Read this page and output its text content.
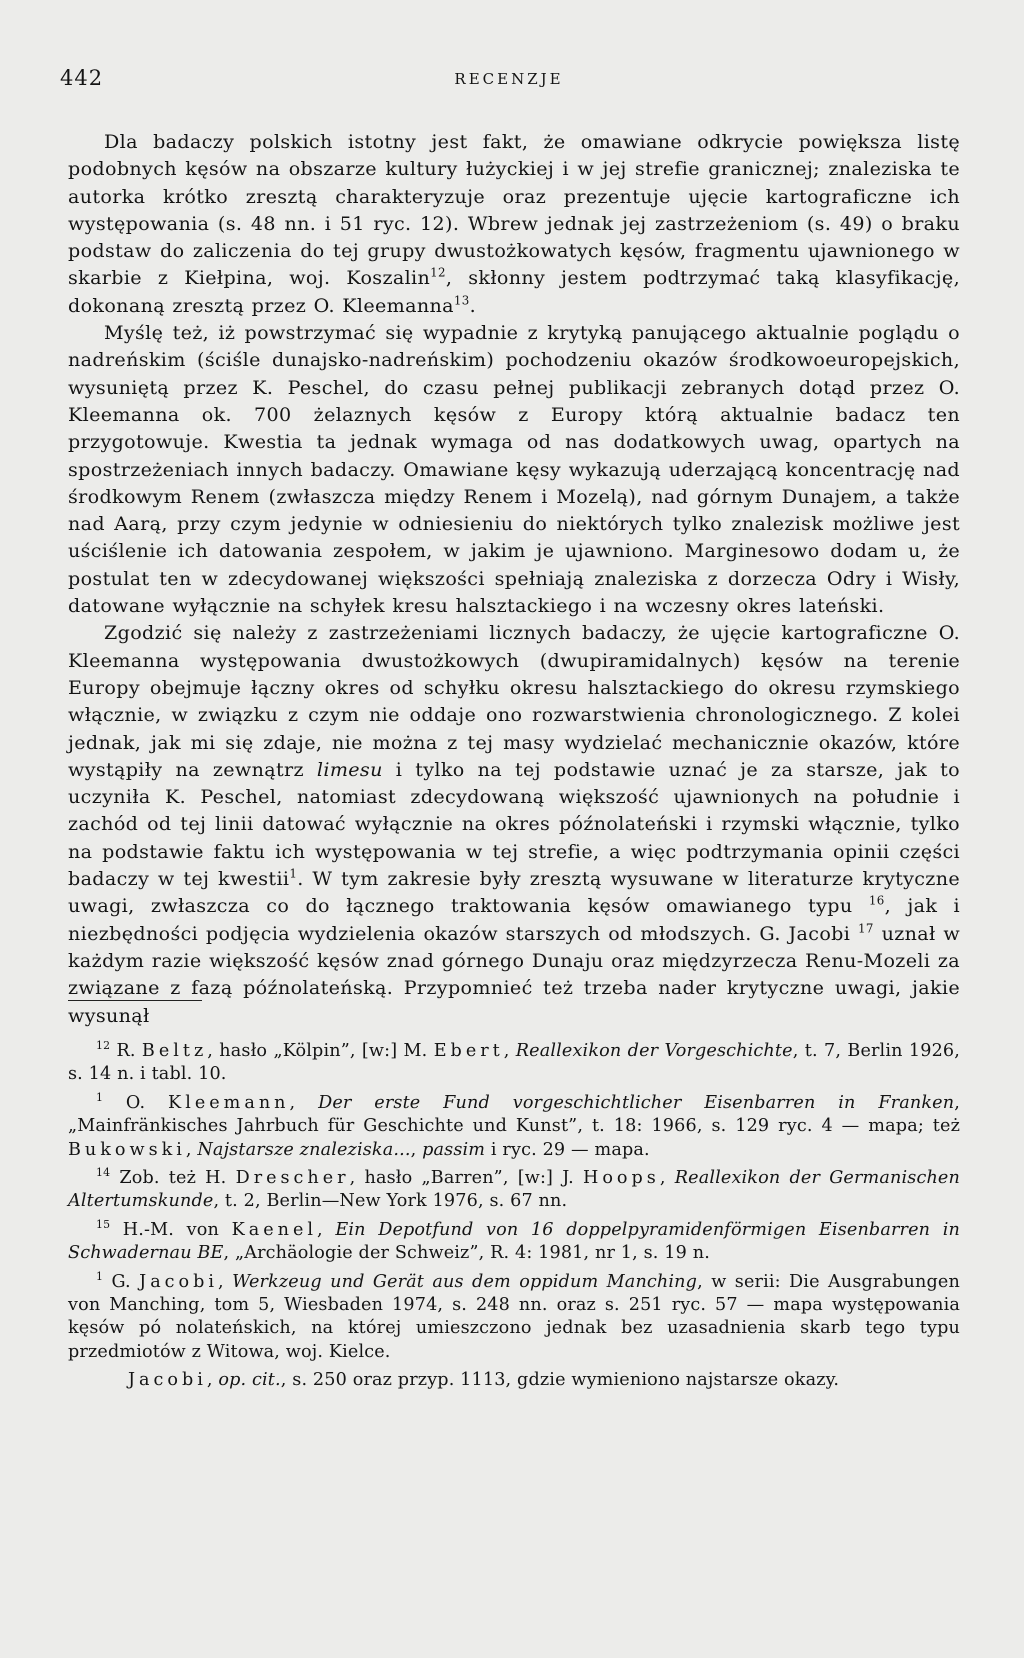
442	RECENZJE

Dla badaczy polskich istotny jest fakt, że omawiane odkrycie powiększa listę podobnych kęsów na obszarze kultury łużyckiej i w jej strefie granicznej; znaleziska te autorka krótko zresztą charakteryzuje oraz prezentuje ujęcie kartograficzne ich występowania (s. 48 nn. i 51 ryc. 12). Wbrew jednak jej zastrzeżeniom (s. 49) o braku podstaw do zaliczenia do tej grupy dwustożkowatych kęsów, fragmentu ujawnionego w skarbie z Kiełpina, woj. Koszalin$^{12}$, skłonny jestem podtrzymać taką klasyfikację, dokonaną zresztą przez O. Kleemanna$^{13}$.

Myślę też, iż powstrzymać się wypadnie z krytyką panującego aktualnie poglądu o nadreńskim (ściśle dunajsko-nadreńskim) pochodzeniu okazów środkowoeuropejskich, wysuniętą przez K. Peschel, do czasu pełnej publikacji zebranych dotąd przez O. Kleemanna ok. 700 żelaznych kęsów z Europy którą aktualnie badacz ten przygotowuje. Kwestia ta jednak wymaga od nas dodatkowych uwag, opartych na spostrzeżeniach innych badaczy. Omawiane kęsy wykazują uderzającą koncentrację nad środkowym Renem (zwłaszcza między Renem i Mozelą), nad górnym Dunajem, a także nad Aarą, przy czym jedynie w odniesieniu do niektórych tylko znalezisk możliwe jest uściślenie ich datowania zespołem, w jakim je ujawniono. Marginesowo dodam u, że postulat ten w zdecydowanej większości spełniają znaleziska z dorzecza Odry i Wisły, datowane wyłącznie na schyłek kresu halsztackiego i na wczesny okres lateński.

Zgodzić się należy z zastrzeżeniami licznych badaczy, że ujęcie kartograficzne O. Kleemanna występowania dwustożkowych (dwupiramidalnych) kęsów na terenie Europy obejmuje łączny okres od schyłku okresu halsztackiego do okresu rzymskiego włącznie, w związku z czym nie oddaje ono rozwarstwienia chronologicznego. Z kolei jednak, jak mi się zdaje, nie można z tej masy wydzielać mechanicznie okazów, które wystąpiły na zewnątrz limesu i tylko na tej podstawie uznać je za starsze, jak to uczyniła K. Peschel, natomiast zdecydowaną większość ujawnionych na południe i zachód od tej linii datować wyłącznie na okres późnolateński i rzymski włącznie, tylko na podstawie faktu ich występowania w tej strefie, a więc podtrzymania opinii części badaczy w tej kwestii$^1$. W tym zakresie były zresztą wysuwane w literaturze krytyczne uwagi, zwłaszcza co do łącznego traktowania kęsów omawianego typu $^{16}$, jak i niezbędności podjęcia wydzielenia okazów starszych od młodszych. G. Jacobi $^{17}$ uznał w każdym razie większość kęsów znad górnego Dunaju oraz międzyrzecza Renu-Mozeli za związane z fazą późnolateńską. Przypomnieć też trzeba nader krytyczne uwagi, jakie wysunął

$^{12}$ R. Beltz, hasło „Kölpin”, [w:] M. Ebert, Reallexikon der Vorgeschichte, t. 7, Berlin 1926, s. 14 n. i tabl. 10.

$^1$ O. Kleemann, Der erste Fund vorgeschichtlicher Eisenbarren in Franken, „Mainfränkisches Jahrbuch für Geschichte und Kunst”, t. 18: 1966, s. 129 ryc. 4 — mapa; też Bukowski, Najstarsze znaleziska..., passim i ryc. 29 — mapa.

$^{14}$ Zob. też H. Drescher, hasło „Barren”, [w:] J. Hoops, Reallexikon der Germanischen Altertumskunde, t. 2, Berlin—New York 1976, s. 67 nn.

$^{15}$ H.-M. von Kaenel, Ein Depotfund von 16 doppelpyramidenförmigen Eisenbarren in Schwadernau BE, „Archäologie der Schweiz”, R. 4: 1981, nr 1, s. 19 n.

$^1$ G. Jacobi, Werkzeug und Gerät aus dem oppidum Manching, w serii: Die Ausgrabungen von Manching, tom 5, Wiesbaden 1974, s. 248 nn. oraz s. 251 ryc. 57 — mapa występowania kęsów pó nolateńskich, na której umieszczono jednak bez uzasadnienia skarb tego typu przedmiotów z Witowa, woj. Kielce.

Jacobi, op. cit., s. 250 oraz przyp. 1113, gdzie wymieniono najstarsze okazy.
